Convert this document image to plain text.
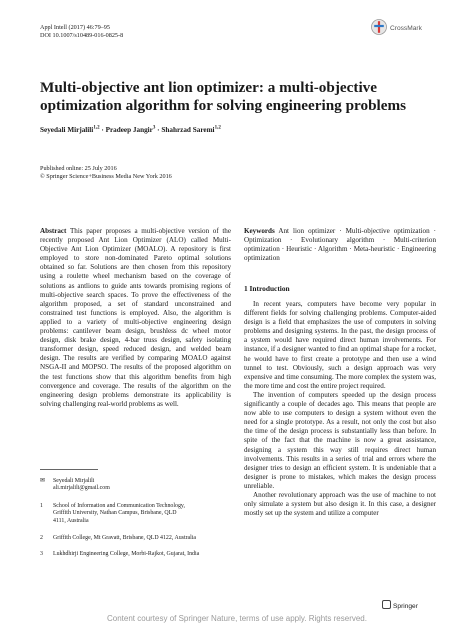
Appl Intell (2017) 46:79–95
DOI 10.1007/s10489-016-0825-8
CrossMark
Multi-objective ant lion optimizer: a multi-objective optimization algorithm for solving engineering problems
Seyedali Mirjalili$^{1,2}$ · Pradeep Jangir$^3$ · Shahrzad Saremi$^{1,2}$
Published online: 25 July 2016
© Springer Science+Business Media New York 2016
Abstract This paper proposes a multi-objective version of the recently proposed Ant Lion Optimizer (ALO) called Multi-Objective Ant Lion Optimizer (MOALO). A repository is first employed to store non-dominated Pareto optimal solutions obtained so far. Solutions are then chosen from this repository using a roulette wheel mechanism based on the coverage of solutions as antlions to guide ants towards promising regions of multi-objective search spaces. To prove the effectiveness of the algorithm proposed, a set of standard unconstrained and constrained test functions is employed. Also, the algorithm is applied to a variety of multi-objective engineering design problems: cantilever beam design, brushless dc wheel motor design, disk brake design, 4-bar truss design, safety isolating transformer design, speed reduced design, and welded beam design. The results are verified by comparing MOALO against NSGA-II and MOPSO. The results of the proposed algorithm on the test functions show that this algorithm benefits from high convergence and coverage. The results of the algorithm on the engineering design problems demonstrate its applicability is solving challenging real-world problems as well.
Keywords Ant lion optimizer · Multi-objective optimization · Optimization · Evolutionary algorithm · Multi-criterion optimization · Heuristic · Algorithm · Meta-heuristic · Engineering optimization
1 Introduction

In recent years, computers have become very popular in different fields for solving challenging problems. Computer-aided design is a field that emphasizes the use of computers in solving problems and designing systems. In the past, the design process of a system would have required direct human involvements. For instance, if a designer wanted to find an optimal shape for a rocket, he would have to first create a prototype and then use a wind tunnel to test. Obviously, such a design approach was very expensive and time consuming. The more complex the system was, the more time and cost the entire project required.

The invention of computers speeded up the design process significantly a couple of decades ago. This means that people are now able to use computers to design a system without even the need for a single prototype. As a result, not only the cost but also the time of the design process is substantially less than before. In spite of the fact that the machine is now a great assistance, designing a system this way still requires direct human involvements. This results in a series of trial and errors where the designer tries to design an efficient system. It is undeniable that a designer is prone to mistakes, which makes the design process unreliable.

Another revolutionary approach was the use of machine to not only simulate a system but also design it. In this case, a designer mostly set up the system and utilize a computer

✉ Seyedali Mirjalili
ali.mirjalili@gmail.com
1 School of Information and Communication Technology,
Griffith University, Nathan Campus, Brisbane, QLD
4111, Australia
2 Griffith College, Mt Gravatt, Brisbane, QLD 4122, Australia
3 Lukhdhirji Engineering College, Morbi-Rajkot, Gujarat, India
Springer
Content courtesy of Springer Nature, terms of use apply. Rights reserved.
